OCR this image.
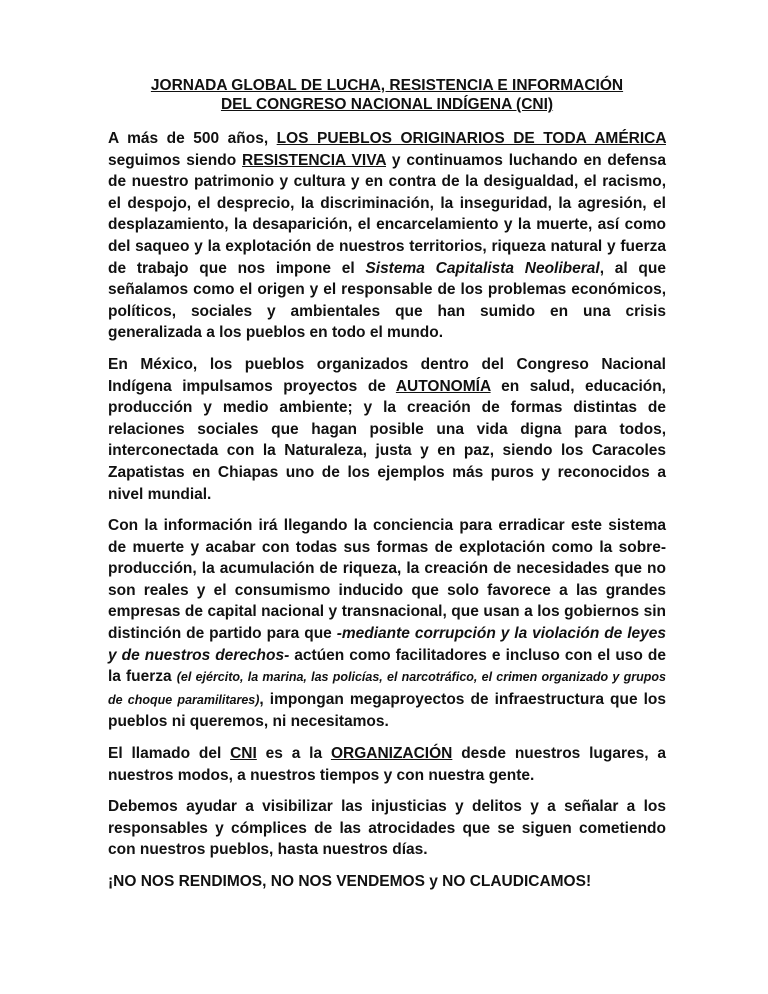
JORNADA GLOBAL DE LUCHA, RESISTENCIA E INFORMACIÓN
DEL CONGRESO NACIONAL INDÍGENA (CNI)

A más de 500 años, LOS PUEBLOS ORIGINARIOS DE TODA AMÉRICA seguimos siendo RESISTENCIA VIVA y continuamos luchando en defensa de nuestro patrimonio y cultura y en contra de la desigualdad, el racismo, el despojo, el desprecio, la discriminación, la inseguridad, la agresión, el desplazamiento, la desaparición, el encarcelamiento y la muerte, así como del saqueo y la explotación de nuestros territorios, riqueza natural y fuerza de trabajo que nos impone el Sistema Capitalista Neoliberal, al que señalamos como el origen y el responsable de los problemas económicos, políticos, sociales y ambientales que han sumido en una crisis generalizada a los pueblos en todo el mundo.

En México, los pueblos organizados dentro del Congreso Nacional Indígena impulsamos proyectos de AUTONOMÍA en salud, educación, producción y medio ambiente; y la creación de formas distintas de relaciones sociales que hagan posible una vida digna para todos, interconectada con la Naturaleza, justa y en paz, siendo los Caracoles Zapatistas en Chiapas uno de los ejemplos más puros y reconocidos a nivel mundial.

Con la información irá llegando la conciencia para erradicar este sistema de muerte y acabar con todas sus formas de explotación como la sobre-producción, la acumulación de riqueza, la creación de necesidades que no son reales y el consumismo inducido que solo favorece a las grandes empresas de capital nacional y transnacional, que usan a los gobiernos sin distinción de partido para que -mediante corrupción y la violación de leyes y de nuestros derechos- actúen como facilitadores e incluso con el uso de la fuerza (el ejército, la marina, las policías, el narcotráfico, el crimen organizado y grupos de choque paramilitares), impongan megaproyectos de infraestructura que los pueblos ni queremos, ni necesitamos.

El llamado del CNI es a la ORGANIZACIÓN desde nuestros lugares, a nuestros modos, a nuestros tiempos y con nuestra gente.

Debemos ayudar a visibilizar las injusticias y delitos y a señalar a los responsables y cómplices de las atrocidades que se siguen cometiendo con nuestros pueblos, hasta nuestros días.

¡NO NOS RENDIMOS, NO NOS VENDEMOS y NO CLAUDICAMOS!
